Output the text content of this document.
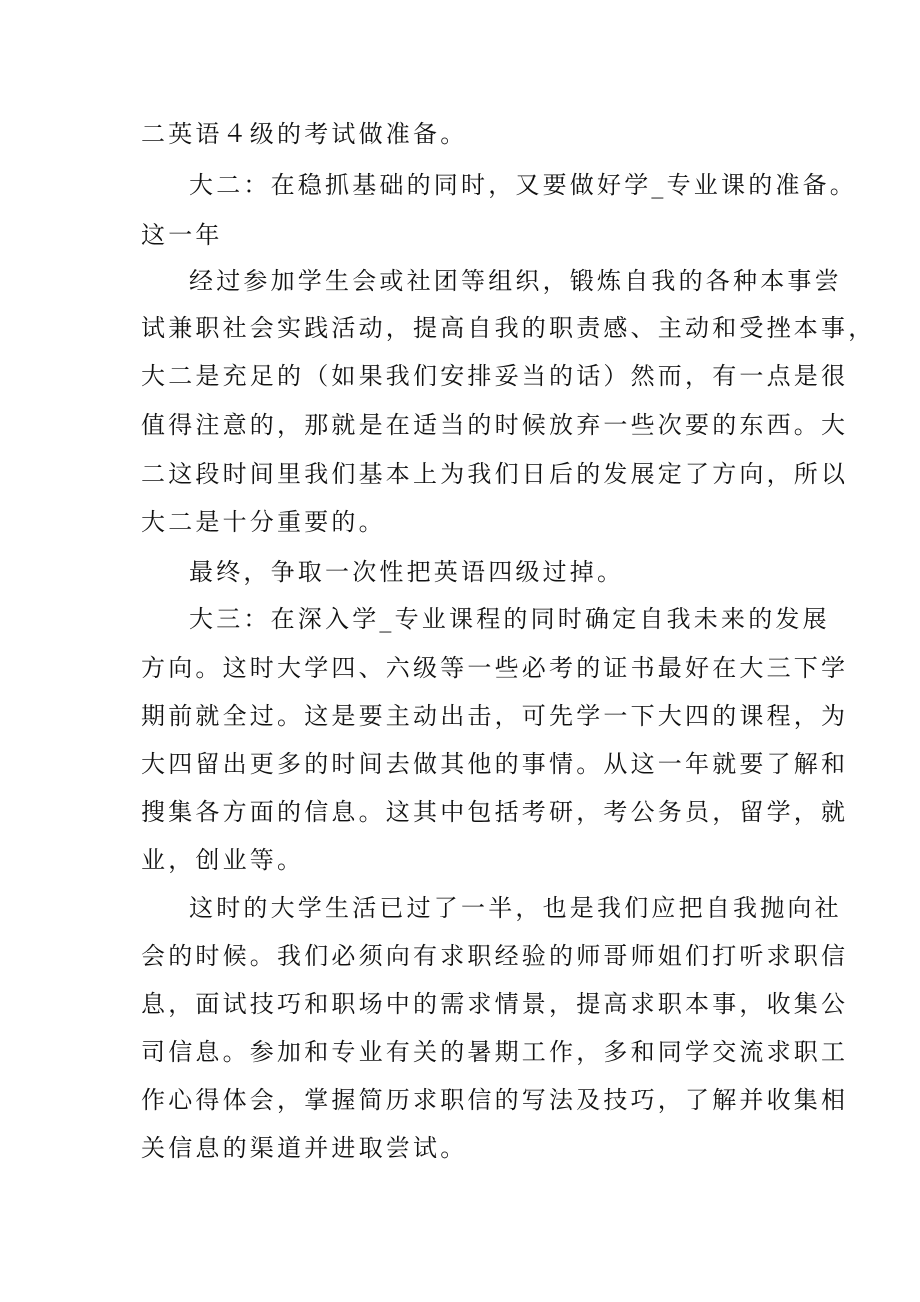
二英语４级的考试做准备。
大二：在稳抓基础的同时，又要做好学_专业课的准备。
这一年
经过参加学生会或社团等组织，锻炼自我的各种本事尝
试兼职社会实践活动，提高自我的职责感、主动和受挫本事，
大二是充足的（如果我们安排妥当的话）然而，有一点是很
值得注意的，那就是在适当的时候放弃一些次要的东西。大
二这段时间里我们基本上为我们日后的发展定了方向，所以
大二是十分重要的。
最终，争取一次性把英语四级过掉。
大三：在深入学_专业课程的同时确定自我未来的发展
方向。这时大学四、六级等一些必考的证书最好在大三下学
期前就全过。这是要主动出击，可先学一下大四的课程，为
大四留出更多的时间去做其他的事情。从这一年就要了解和
搜集各方面的信息。这其中包括考研，考公务员，留学，就
业，创业等。
这时的大学生活已过了一半，也是我们应把自我抛向社
会的时候。我们必须向有求职经验的师哥师姐们打听求职信
息，面试技巧和职场中的需求情景，提高求职本事，收集公
司信息。参加和专业有关的暑期工作，多和同学交流求职工
作心得体会，掌握简历求职信的写法及技巧，了解并收集相
关信息的渠道并进取尝试。
